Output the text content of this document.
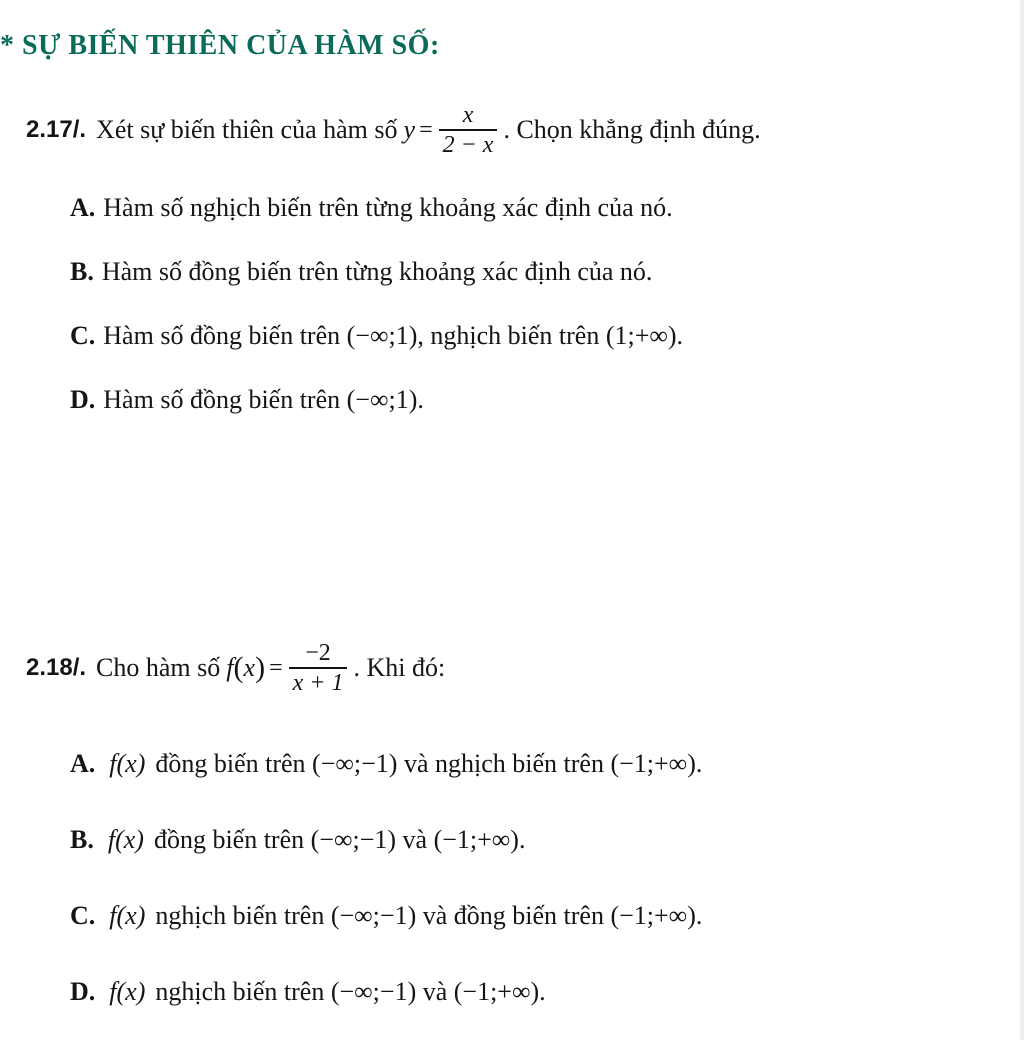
* SỰ BIẾN THIÊN CỦA HÀM SỐ:
2.17/. Xét sự biến thiên của hàm số $y = \frac{x}{2 - x}$ . Chọn khẳng định đúng.
A. Hàm số nghịch biến trên từng khoảng xác định của nó.
B. Hàm số đồng biến trên từng khoảng xác định của nó.
C. Hàm số đồng biến trên (−∞;1), nghịch biến trên (1;+∞).
D. Hàm số đồng biến trên (−∞;1).
2.18/. Cho hàm số f ( x ) = $\frac{-2}{x + 1}$ . Khi đó:
A. f(x) đồng biến trên (−∞;−1) và nghịch biến trên (−1;+∞).
B. f(x) đồng biến trên (−∞;−1) và (−1;+∞).
C. f(x) nghịch biến trên (−∞;−1) và đồng biến trên (−1;+∞).
D. f(x) nghịch biến trên (−∞;−1) và (−1;+∞).
